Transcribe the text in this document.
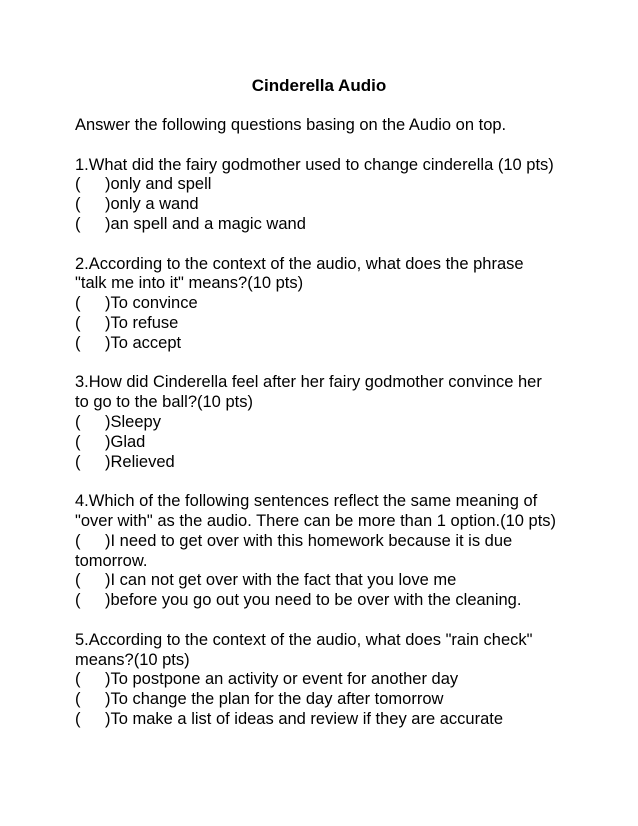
Cinderella Audio
Answer the following questions basing on the Audio on top.
1.What did the fairy godmother used to change cinderella (10 pts)
( )only and spell
( )only a wand
( )an spell and a magic wand
2.According to the context of the audio, what does the phrase
"talk me into it" means?(10 pts)
( )To convince
( )To refuse
( )To accept
3.How did Cinderella feel after her fairy godmother convince her
to go to the ball?(10 pts)
( )Sleepy
( )Glad
( )Relieved
4.Which of the following sentences reflect the same meaning of
"over with" as the audio. There can be more than 1 option.(10 pts)
( )I need to get over with this homework because it is due
tomorrow.
( )I can not get over with the fact that you love me
( )before you go out you need to be over with the cleaning.
5.According to the context of the audio, what does "rain check"
means?(10 pts)
( )To postpone an activity or event for another day
( )To change the plan for the day after tomorrow
( )To make a list of ideas and review if they are accurate
